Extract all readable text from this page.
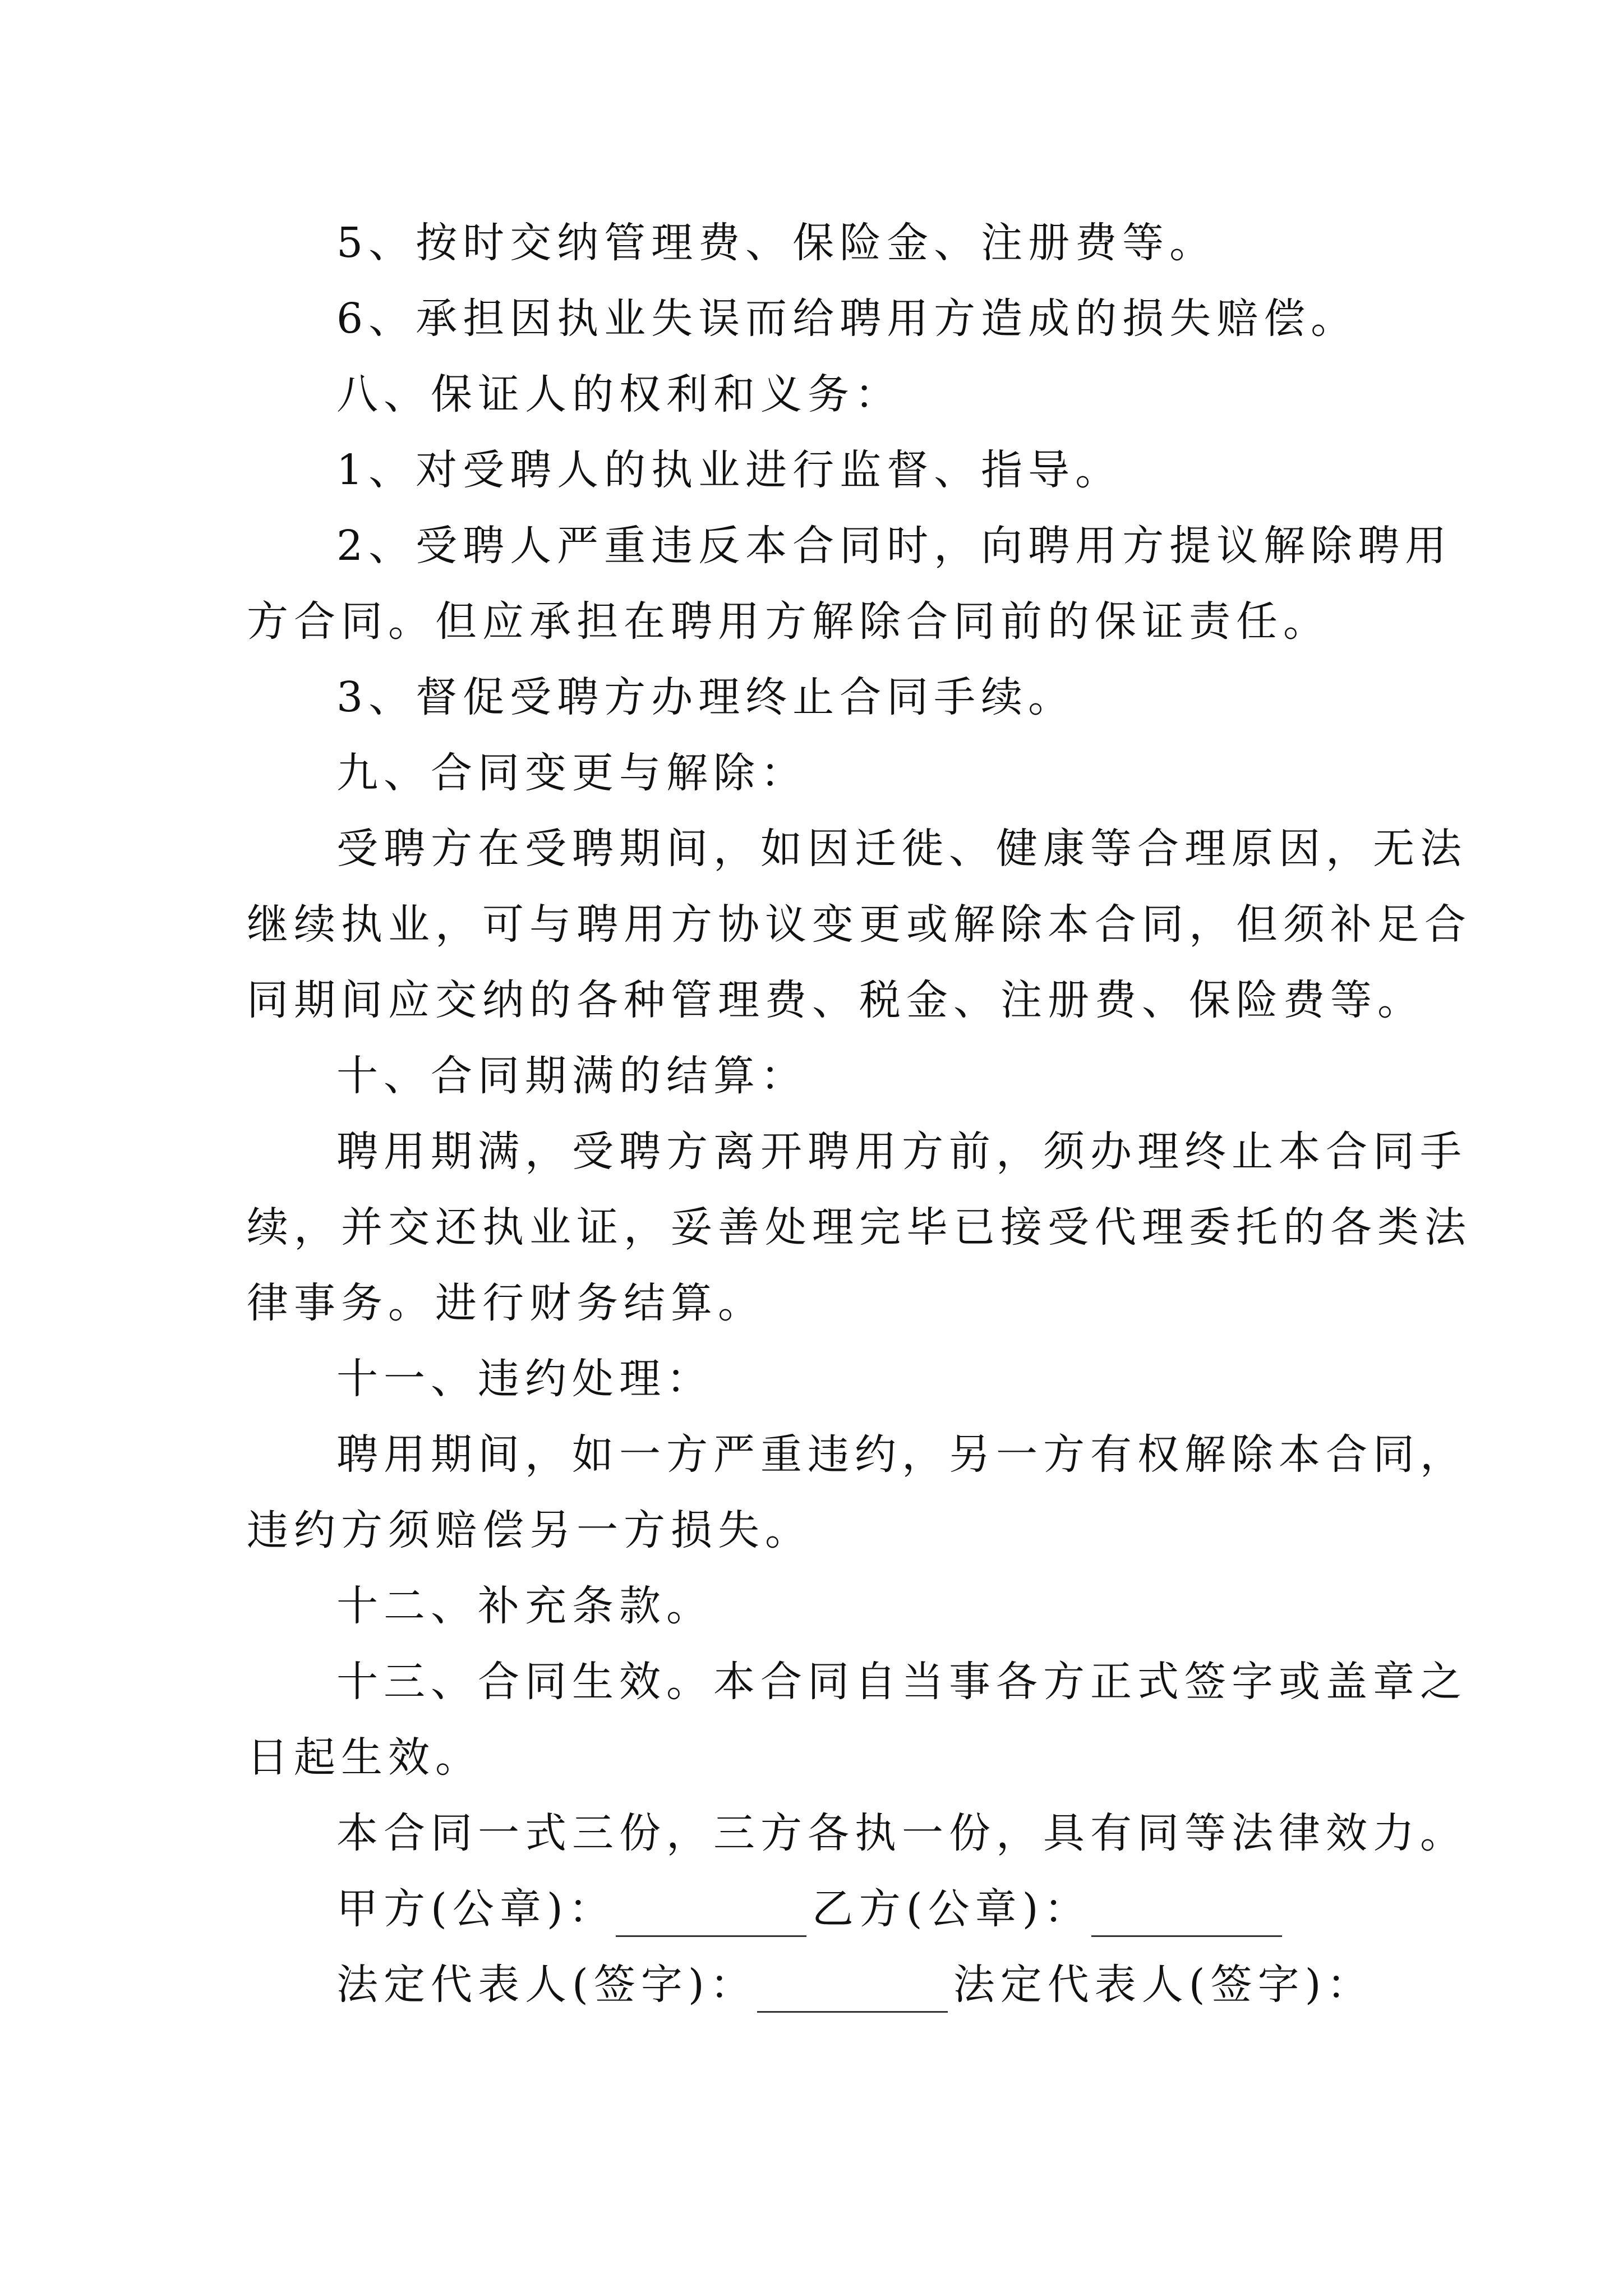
5、按时交纳管理费、保险金、注册费等。
6、承担因执业失误而给聘用方造成的损失赔偿。
八、保证人的权利和义务：
1、对受聘人的执业进行监督、指导。
2、受聘人严重违反本合同时，向聘用方提议解除聘用
方合同。但应承担在聘用方解除合同前的保证责任。
3、督促受聘方办理终止合同手续。
九、合同变更与解除：
受聘方在受聘期间，如因迁徙、健康等合理原因，无法
继续执业，可与聘用方协议变更或解除本合同，但须补足合
同期间应交纳的各种管理费、税金、注册费、保险费等。
十、合同期满的结算：
聘用期满，受聘方离开聘用方前，须办理终止本合同手
续，并交还执业证，妥善处理完毕已接受代理委托的各类法
律事务。进行财务结算。
十一、违约处理：
聘用期间，如一方严重违约，另一方有权解除本合同，
违约方须赔偿另一方损失。
十二、补充条款。
十三、合同生效。本合同自当事各方正式签字或盖章之
日起生效。
本合同一式三份，三方各执一份，具有同等法律效力。
甲方(公章)：	乙方(公章)：
法定代表人(签字)：	法定代表人(签字)：
